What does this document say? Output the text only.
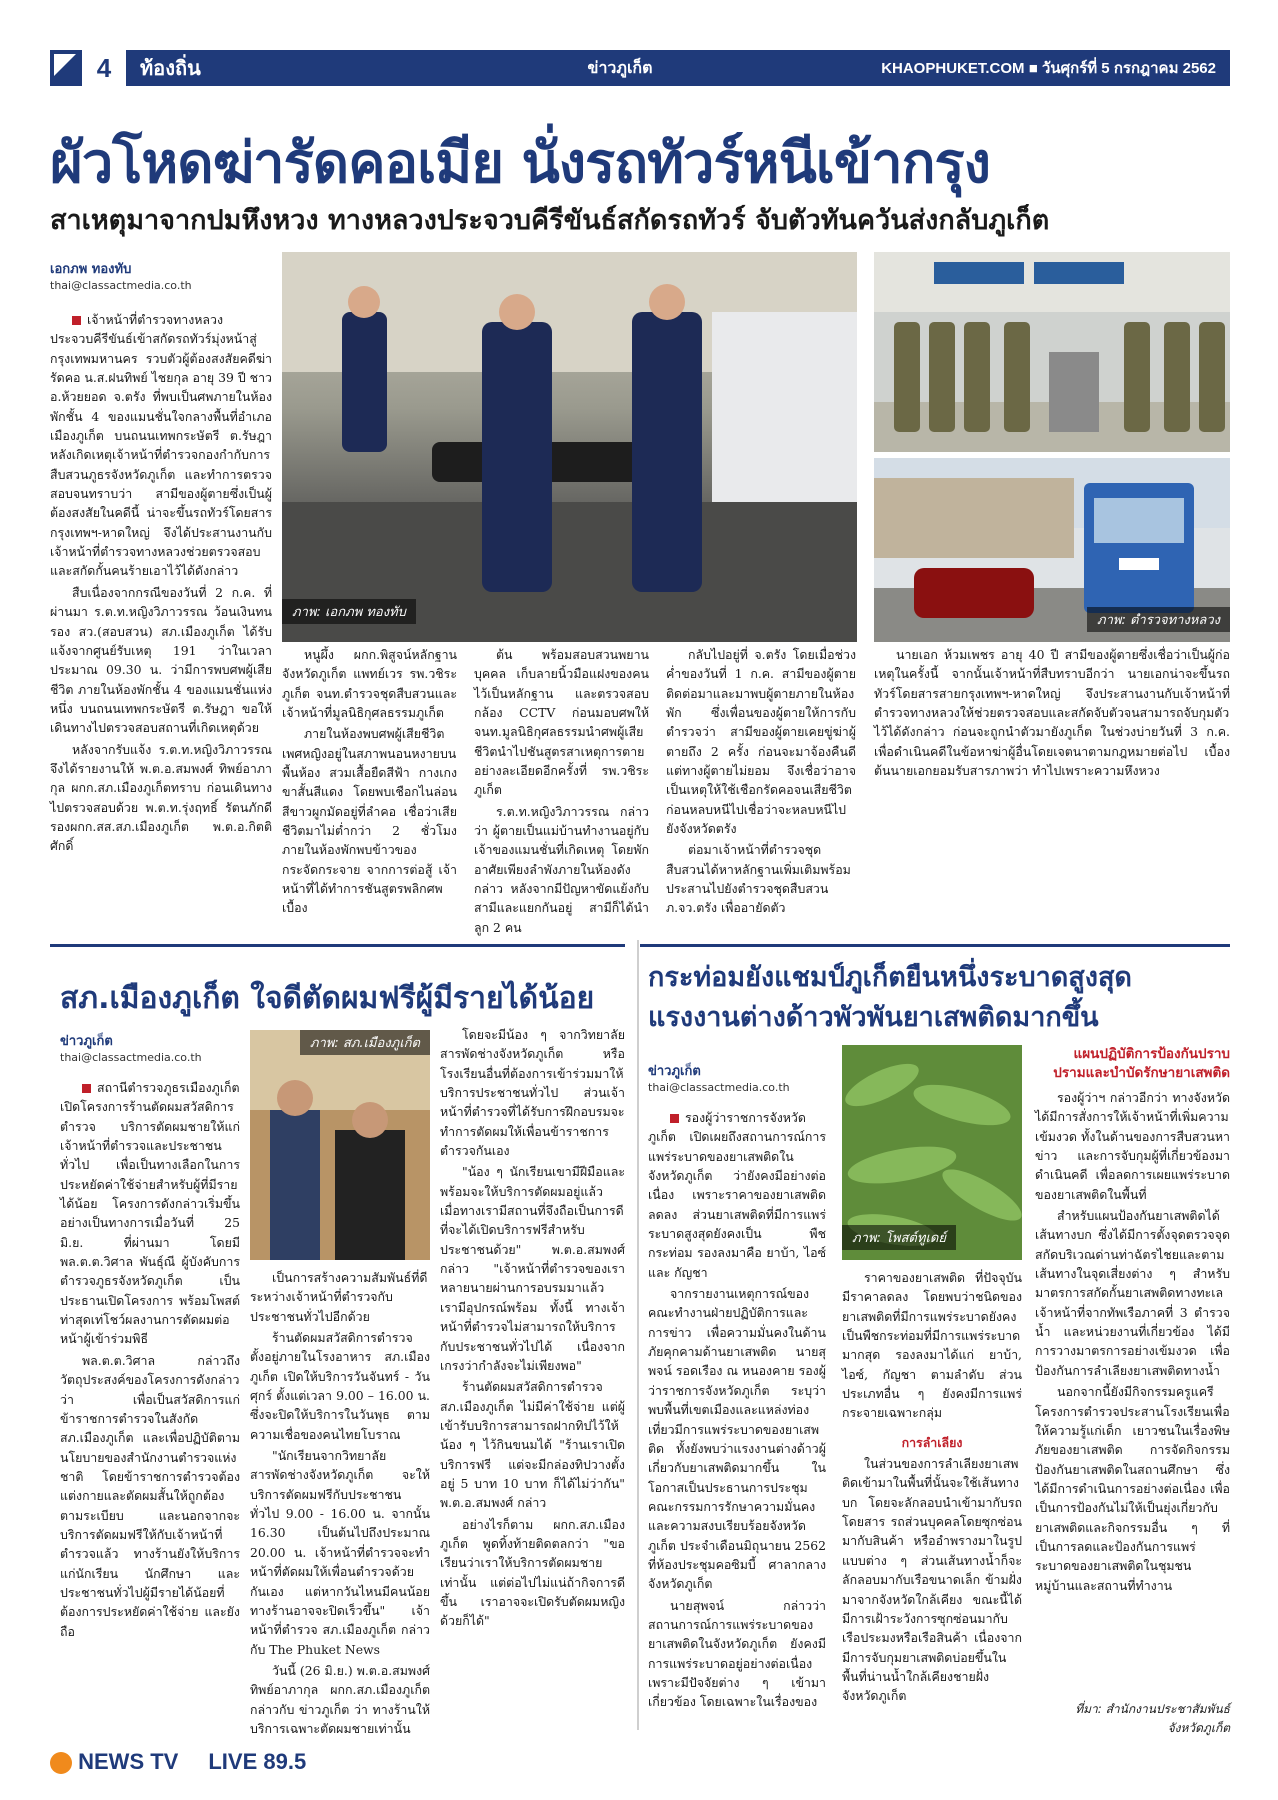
4	ท้องถิ่น	ข่าวภูเก็ต	KHAOPHUKET.COM ■ วันศุกร์ที่ 5 กรกฎาคม 2562
ผัวโหดฆ่ารัดคอเมีย นั่งรถทัวร์หนีเข้ากรุง
สาเหตุมาจากปมหึงหวง ทางหลวงประจวบคีรีขันธ์สกัดรถทัวร์ จับตัวทันควันส่งกลับภูเก็ต
เอกภพ ทองทับ
thai@classactmedia.co.th

เจ้าหน้าที่ตำรวจทางหลวงประจวบคีรีขันธ์เข้าสกัดรถทัวร์มุ่งหน้าสู่กรุงเทพมหานคร รวบตัวผู้ต้องสงสัยคดีฆ่ารัดคอ น.ส.ฝนทิพย์ ไชยกุล อายุ 39 ปี ชาว อ.ห้วยยอด จ.ตรัง ที่พบเป็นศพภายในห้องพักชั้น 4 ของแมนชั่นใจกลางพื้นที่อำเภอเมืองภูเก็ต บนถนนเทพกระษัตรี ต.รัษฎา หลังเกิดเหตุเจ้าหน้าที่ตำรวจกองกำกับการสืบสวนภูธรจังหวัดภูเก็ต และทำการตรวจสอบจนทราบว่า สามีของผู้ตายซึ่งเป็นผู้ต้องสงสัยในคดีนี้ น่าจะขึ้นรถทัวร์โดยสาร กรุงเทพฯ-หาดใหญ่ จึงได้ประสานงานกับเจ้าหน้าที่ตำรวจทางหลวงช่วยตรวจสอบและสกัดกั้นคนร้ายเอาไว้ได้ดังกล่าว

สืบเนื่องจากกรณีของวันที่ 2 ก.ค. ที่ผ่านมา ร.ต.ท.หญิงวิภาวรรณ ว้อนเงินทนรอง สว.(สอบสวน) สภ.เมืองภูเก็ต ได้รับแจ้งจากศูนย์รับเหตุ 191 ว่าในเวลาประมาณ 09.30 น. ว่ามีการพบศพผู้เสียชีวิต ภายในห้องพักชั้น 4 ของแมนชั่นแห่งหนึ่ง บนถนนเทพกระษัตรี ต.รัษฎา ขอให้เดินทางไปตรวจสอบสถานที่เกิดเหตุด้วย

หลังจากรับแจ้ง ร.ต.ท.หญิงวิภาวรรณ จึงได้รายงานให้ พ.ต.อ.สมพงศ์ ทิพย์อาภากุล ผกก.สภ.เมืองภูเก็ตทราบ ก่อนเดินทางไปตรวจสอบด้วย พ.ต.ท.รุ่งฤทธิ์ รัตนภักดี รองผกก.สส.สภ.เมืองภูเก็ต พ.ต.อ.กิตติศักดิ์

ภาพ: เอกภพ ทองทับ
ภาพ: ตำรวจทางหลวง

หนูผึ้ง ผกก.พิสูจน์หลักฐานจังหวัดภูเก็ต แพทย์เวร รพ.วชิระภูเก็ต จนท.ตำรวจชุดสืบสวนและเจ้าหน้าที่มูลนิธิกุศลธรรมภูเก็ต

ภายในห้องพบศพผู้เสียชีวิตเพศหญิงอยู่ในสภาพนอนหงายบนพื้นห้อง สวมเสื้อยืดสีฟ้า กางเกงขาสั้นสีแดง โดยพบเชือกไนล่อนสีขาวผูกมัดอยู่ที่ลำคอ เชื่อว่าเสียชีวิตมาไม่ต่ำกว่า 2 ชั่วโมง ภายในห้องพักพบข้าวของกระจัดกระจาย จากการต่อสู้ เจ้าหน้าที่ได้ทำการชันสูตรพลิกศพเบื้อง

ต้น พร้อมสอบสวนพยานบุคคล เก็บลายนิ้วมือแฝงของคนไว้เป็นหลักฐาน และตรวจสอบกล้อง CCTV ก่อนมอบศพให้ จนท.มูลนิธิกุศลธรรมนำศพผู้เสียชีวิตนำไปชันสูตรสาเหตุการตายอย่างละเอียดอีกครั้งที่ รพ.วชิระภูเก็ต

ร.ต.ท.หญิงวิภาวรรณ กล่าวว่า ผู้ตายเป็นแม่บ้านทำงานอยู่กับเจ้าของแมนชั่นที่เกิดเหตุ โดยพักอาศัยเพียงลำพังภายในห้องดังกล่าว หลังจากมีปัญหาขัดแย้งกับสามีและแยกกันอยู่ สามีก็ได้นำลูก 2 คน

กลับไปอยู่ที่ จ.ตรัง โดยเมื่อช่วงค่ำของวันที่ 1 ก.ค. สามีของผู้ตายติดต่อมาและมาพบผู้ตายภายในห้องพัก ซึ่งเพื่อนของผู้ตายให้การกับตำรวจว่า สามีของผู้ตายเคยขู่ฆ่าผู้ตายถึง 2 ครั้ง ก่อนจะมาจ้องคืนดี แต่ทางผู้ตายไม่ยอม จึงเชื่อว่าอาจเป็นเหตุให้ใช้เชือกรัดคอจนเสียชีวิต ก่อนหลบหนีไปเชื่อว่าจะหลบหนีไปยังจังหวัดตรัง

ต่อมาเจ้าหน้าที่ตำรวจชุดสืบสวนได้หาหลักฐานเพิ่มเติมพร้อมประสานไปยังตำรวจชุดสืบสวน ภ.จว.ตรัง เพื่ออายัดตัว

นายเอก ห้วมเพชร อายุ 40 ปี สามีของผู้ตายซึ่งเชื่อว่าเป็นผู้ก่อเหตุในครั้งนี้ จากนั้นเจ้าหน้าที่สืบทราบอีกว่า นายเอกน่าจะขึ้นรถทัวร์โดยสารสายกรุงเทพฯ-หาดใหญ่ จึงประสานงานกับเจ้าหน้าที่ตำรวจทางหลวงให้ช่วยตรวจสอบและสกัดจับตัวจนสามารถจับกุมตัวไว้ได้ดังกล่าว ก่อนจะถูกนำตัวมายังภูเก็ต ในช่วงบ่ายวันที่ 3 ก.ค. เพื่อดำเนินคดีในข้อหาฆ่าผู้อื่นโดยเจตนาตามกฎหมายต่อไป เบื้องต้นนายเอกยอมรับสารภาพว่า ทำไปเพราะความหึงหวง

สภ.เมืองภูเก็ต ใจดีตัดผมฟรีผู้มีรายได้น้อย
ข่าวภูเก็ต
thai@classactmedia.co.th

สถานีตำรวจภูธรเมืองภูเก็ต เปิดโครงการร้านตัดผมสวัสดิการตำรวจ บริการตัดผมชายให้แก่ เจ้าหน้าที่ตำรวจและประชาชนทั่วไป เพื่อเป็นทางเลือกในการประหยัดค่าใช้จ่ายสำหรับผู้ที่มีรายได้น้อย โครงการดังกล่าวเริ่มขึ้นอย่างเป็นทางการเมื่อวันที่ 25 มิ.ย. ที่ผ่านมา โดยมี พล.ต.ต.วิศาล พันธุ์ณี ผู้บังคับการตำรวจภูธรจังหวัดภูเก็ต เป็นประธานเปิดโครงการ พร้อมโพสต์ท่าสุดเท่โชว์ผลงานการตัดผมต่อหน้าผู้เข้าร่วมพิธี

พล.ต.ต.วิศาล กล่าวถึงวัตถุประสงค์ของโครงการดังกล่าวว่า เพื่อเป็นสวัสดิการแก่ข้าราชการตำรวจในสังกัด สภ.เมืองภูเก็ต และเพื่อปฏิบัติตามนโยบายของสำนักงานตำรวจแห่งชาติ โดยข้าราชการตำรวจต้องแต่งกายและตัดผมสั้นให้ถูกต้องตามระเบียบ และนอกจากจะบริการตัดผมฟรีให้กับเจ้าหน้าที่ตำรวจแล้ว ทางร้านยังให้บริการแก่นักเรียน นักศึกษา และประชาชนทั่วไปผู้มีรายได้น้อยที่ต้องการประหยัดค่าใช้จ่าย และยังถือ

ภาพ: สภ.เมืองภูเก็ต

เป็นการสร้างความสัมพันธ์ที่ดีระหว่างเจ้าหน้าที่ตำรวจกับประชาชนทั่วไปอีกด้วย

ร้านตัดผมสวัสดิการตำรวจ ตั้งอยู่ภายในโรงอาหาร สภ.เมืองภูเก็ต เปิดให้บริการวันจันทร์ - วันศุกร์ ตั้งแต่เวลา 9.00 – 16.00 น. ซึ่งจะปิดให้บริการในวันพุธ ตามความเชื่อของคนไทยโบราณ

"นักเรียนจากวิทยาลัยสารพัดช่างจังหวัดภูเก็ต จะให้บริการตัดผมฟรีกับประชาชนทั่วไป 9.00 - 16.00 น. จากนั้น 16.30 เป็นต้นไปถึงประมาณ 20.00 น. เจ้าหน้าที่ตำรวจจะทำหน้าที่ตัดผมให้เพื่อนตำรวจด้วยกันเอง แต่หากวันไหนมีคนน้อยทางร้านอาจจะปิดเร็วขึ้น" เจ้าหน้าที่ตำรวจ สภ.เมืองภูเก็ต กล่าวกับ The Phuket News

วันนี้ (26 มิ.ย.) พ.ต.อ.สมพงศ์ ทิพย์อาภากุล ผกก.สภ.เมืองภูเก็ต กล่าวกับ ข่าวภูเก็ต ว่า ทางร้านให้บริการเฉพาะตัดผมชายเท่านั้น

โดยจะมีน้อง ๆ จากวิทยาลัยสารพัดช่างจังหวัดภูเก็ต หรือโรงเรียนอื่นที่ต้องการเข้าร่วมมาให้บริการประชาชนทั่วไป ส่วนเจ้าหน้าที่ตำรวจที่ได้รับการฝึกอบรมจะทำการตัดผมให้เพื่อนข้าราชการตำรวจกันเอง

"น้อง ๆ นักเรียนเขามีฝีมือและพร้อมจะให้บริการตัดผมอยู่แล้ว เมื่อทางเรามีสถานที่จึงถือเป็นการดีที่จะได้เปิดบริการฟรีสำหรับประชาชนด้วย" พ.ต.อ.สมพงศ์ กล่าว "เจ้าหน้าที่ตำรวจของเราหลายนายผ่านการอบรมมาแล้ว เรามีอุปกรณ์พร้อม ทั้งนี้ ทางเจ้าหน้าที่ตำรวจไม่สามารถให้บริการกับประชาชนทั่วไปได้ เนื่องจากเกรงว่ากำลังจะไม่เพียงพอ"

ร้านตัดผมสวัสดิการตำรวจ สภ.เมืองภูเก็ต ไม่มีค่าใช้จ่าย แต่ผู้เข้ารับบริการสามารถฝากทิปไว้ให้น้อง ๆ ไว้กินขนมได้ "ร้านเราเปิดบริการฟรี แต่จะมีกล่องทิปวางตั้งอยู่ 5 บาท 10 บาท ก็ได้ไม่ว่ากัน" พ.ต.อ.สมพงศ์ กล่าว

อย่างไรก็ตาม ผกก.สภ.เมืองภูเก็ต พูดทิ้งท้ายติดตลกว่า "ขอเรียนว่าเราให้บริการตัดผมชายเท่านั้น แต่ต่อไปไม่แน่ถ้ากิจการดีขึ้น เราอาจจะเปิดรับตัดผมหญิงด้วยก็ได้"

กระท่อมยังแชมป์ภูเก็ตยืนหนึ่งระบาดสูงสุด
แรงงานต่างด้าวพัวพันยาเสพติดมากขึ้น
ข่าวภูเก็ต
thai@classactmedia.co.th

รองผู้ว่าราชการจังหวัดภูเก็ต เปิดเผยถึงสถานการณ์การแพร่ระบาดของยาเสพติดในจังหวัดภูเก็ต ว่ายังคงมีอย่างต่อเนื่อง เพราะราคาของยาเสพติดลดลง ส่วนยาเสพติดที่มีการแพร่ระบาดสูงสุดยังคงเป็น พืชกระท่อม รองลงมาคือ ยาบ้า, ไอซ์ และ กัญชา

จากรายงานเหตุการณ์ของคณะทำงานฝ่ายปฏิบัติการและการข่าว เพื่อความมั่นคงในด้านภัยคุกคามด้านยาเสพติด นายสุพจน์ รอดเรือง ณ หนองคาย รองผู้ว่าราชการจังหวัดภูเก็ต ระบุว่า พบพื้นที่เขตเมืองและแหล่งท่องเที่ยวมีการแพร่ระบาดของยาเสพติด ทั้งยังพบว่าแรงงานต่างด้าวผู้เกี่ยวกับยาเสพติดมากขึ้น ในโอกาสเป็นประธานการประชุมคณะกรรมการรักษาความมั่นคงและความสงบเรียบร้อยจังหวัดภูเก็ต ประจำเดือนมิถุนายน 2562 ที่ห้องประชุมคอซิมบี้ ศาลากลางจังหวัดภูเก็ต

นายสุพจน์ กล่าวว่า สถานการณ์การแพร่ระบาดของยาเสพติดในจังหวัดภูเก็ต ยังคงมีการแพร่ระบาดอยู่อย่างต่อเนื่อง เพราะมีปัจจัยต่าง ๆ เข้ามาเกี่ยวข้อง โดยเฉพาะในเรื่องของ

ภาพ: โพสต์ทูเดย์

ราคาของยาเสพติด ที่ปัจจุบันมีราคาลดลง โดยพบว่าชนิดของยาเสพติดที่มีการแพร่ระบาดยังคงเป็นพืชกระท่อมที่มีการแพร่ระบาดมากสุด รองลงมาได้แก่ ยาบ้า, ไอซ์, กัญชา ตามลำดับ ส่วนประเภทอื่น ๆ ยังคงมีการแพร่กระจายเฉพาะกลุ่ม

การลำเลียง

ในส่วนของการลำเลียงยาเสพติดเข้ามาในพื้นที่นั้นจะใช้เส้นทางบก โดยจะลักลอบนำเข้ามากับรถโดยสาร รถส่วนบุคคลโดยซุกซ่อนมากับสินค้า หรืออำพรางมาในรูปแบบต่าง ๆ ส่วนเส้นทางน้ำก็จะลักลอบมากับเรือขนาดเล็ก ข้ามฝั่งมาจากจังหวัดใกล้เคียง ขณะนี้ได้มีการเฝ้าระวังการซุกซ่อนมากับเรือประมงหรือเรือสินค้า เนื่องจากมีการจับกุมยาเสพติดบ่อยขึ้นในพื้นที่น่านน้ำใกล้เคียงชายฝั่งจังหวัดภูเก็ต

แผนปฏิบัติการป้องกันปราบ
ปรามและบำบัดรักษายาเสพติด

รองผู้ว่าฯ กล่าวอีกว่า ทางจังหวัดได้มีการสั่งการให้เจ้าหน้าที่เพิ่มความเข้มงวด ทั้งในด้านของการสืบสวนหาข่าว และการจับกุมผู้ที่เกี่ยวข้องมาดำเนินคดี เพื่อลดการเผยแพร่ระบาดของยาเสพติดในพื้นที่

สำหรับแผนป้องกันยาเสพติดได้เส้นทางบก ซึ่งได้มีการตั้งจุดตรวจจุดสกัดบริเวณด่านท่าฉัตรไชยและตามเส้นทางในจุดเสี่ยงต่าง ๆ สำหรับมาตรการสกัดกั้นยาเสพติดทางทะเล เจ้าหน้าที่จากทัพเรือภาคที่ 3 ตำรวจน้ำ และหน่วยงานที่เกี่ยวข้อง ได้มีการวางมาตรการอย่างเข้มงวด เพื่อป้องกันการลำเลียงยาเสพติดทางน้ำ

นอกจากนี้ยังมีกิจกรรมครูแครีโครงการตำรวจประสานโรงเรียนเพื่อให้ความรู้แก่เด็ก เยาวชนในเรื่องพิษภัยของยาเสพติด การจัดกิจกรรมป้องกันยาเสพติดในสถานศึกษา ซึ่งได้มีการดำเนินการอย่างต่อเนื่อง เพื่อเป็นการป้องกันไม่ให้เป็นยุ่งเกี่ยวกับยาเสพติดและกิจกรรมอื่น ๆ ที่เป็นการลดและป้องกันการแพร่ระบาดของยาเสพติดในชุมชนหมู่บ้านและสถานที่ทำงาน

ที่มา: สำนักงานประชาสัมพันธ์
จังหวัดภูเก็ต
NEWS TV LIVE 89.5
